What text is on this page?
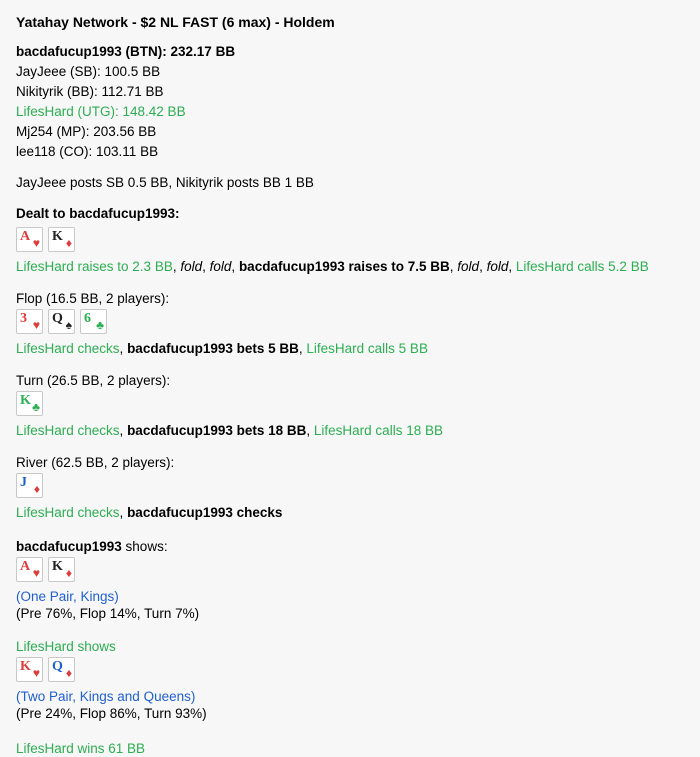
Yatahay Network - $2 NL FAST (6 max) - Holdem
bacdafucup1993 (BTN): 232.17 BB
JayJeee (SB): 100.5 BB
Nikityrik (BB): 112.71 BB
LifesHard (UTG): 148.42 BB
Mj254 (MP): 203.56 BB
lee118 (CO): 103.11 BB
JayJeee posts SB 0.5 BB, Nikityrik posts BB 1 BB
Dealt to bacdafucup1993:
A ♥ K ♦
LifesHard raises to 2.3 BB, fold, fold, bacdafucup1993 raises to 7.5 BB, fold, fold, LifesHard calls 5.2 BB
Flop (16.5 BB, 2 players):
3 ♥ Q ♠ 6 ♣
LifesHard checks, bacdafucup1993 bets 5 BB, LifesHard calls 5 BB
Turn (26.5 BB, 2 players):
K ♣
LifesHard checks, bacdafucup1993 bets 18 BB, LifesHard calls 18 BB
River (62.5 BB, 2 players):
J ♦
LifesHard checks, bacdafucup1993 checks
bacdafucup1993 shows:
A ♥ K ♦
(One Pair, Kings)
(Pre 76%, Flop 14%, Turn 7%)
LifesHard shows
K ♥ Q ♦
(Two Pair, Kings and Queens)
(Pre 24%, Flop 86%, Turn 93%)
LifesHard wins 61 BB
